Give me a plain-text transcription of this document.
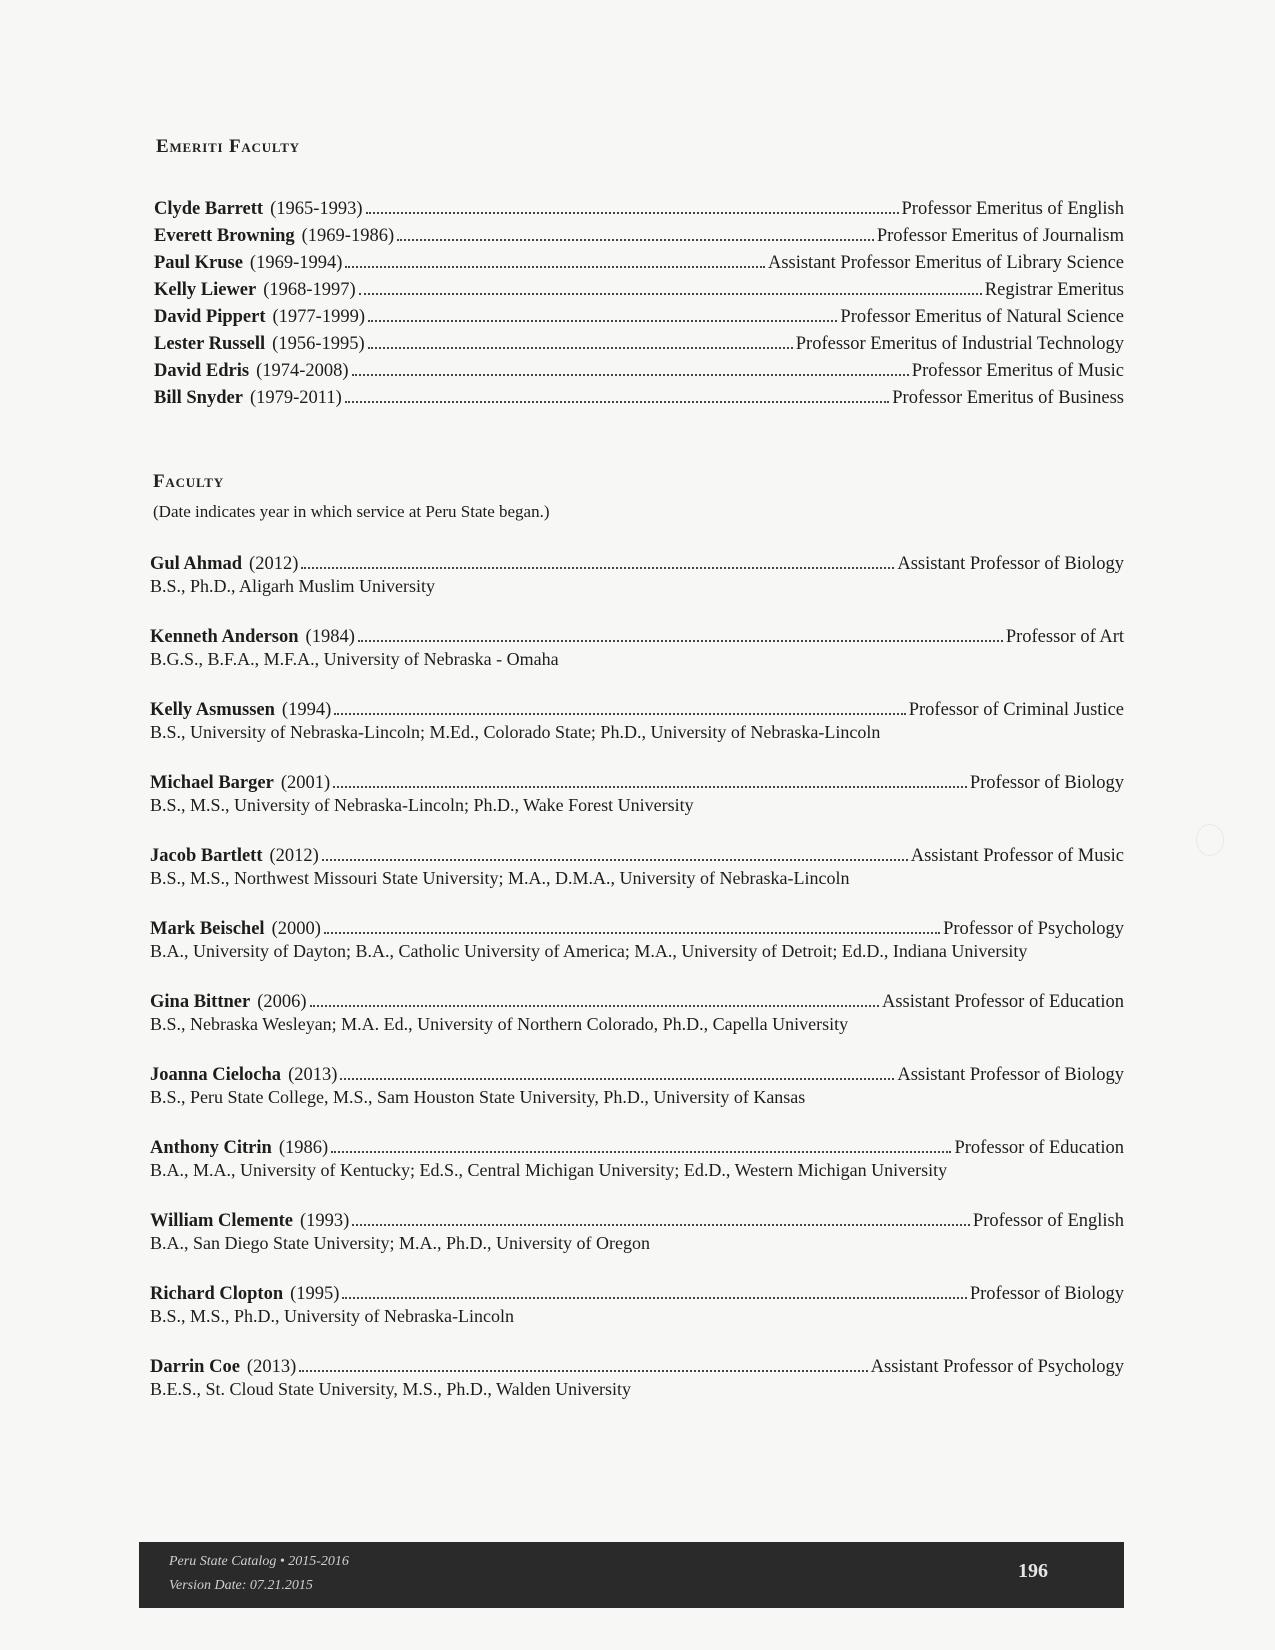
Emeriti Faculty
Clyde Barrett (1965-1993)	Professor Emeritus of English
Everett Browning (1969-1986)	Professor Emeritus of Journalism
Paul Kruse (1969-1994)	Assistant Professor Emeritus of Library Science
Kelly Liewer (1968-1997)	Registrar Emeritus
David Pippert (1977-1999)	Professor Emeritus of Natural Science
Lester Russell (1956-1995)	Professor Emeritus of Industrial Technology
David Edris (1974-2008)	Professor Emeritus of Music
Bill Snyder (1979-2011)	Professor Emeritus of Business
Faculty
(Date indicates year in which service at Peru State began.)
Gul Ahmad (2012)	Assistant Professor of Biology
B.S., Ph.D., Aligarh Muslim University
Kenneth Anderson (1984)	Professor of Art
B.G.S., B.F.A., M.F.A., University of Nebraska - Omaha
Kelly Asmussen (1994)	Professor of Criminal Justice
B.S., University of Nebraska-Lincoln; M.Ed., Colorado State; Ph.D., University of Nebraska-Lincoln
Michael Barger (2001)	Professor of Biology
B.S., M.S., University of Nebraska-Lincoln; Ph.D., Wake Forest University
Jacob Bartlett (2012)	Assistant Professor of Music
B.S., M.S., Northwest Missouri State University; M.A., D.M.A., University of Nebraska-Lincoln
Mark Beischel (2000)	Professor of Psychology
B.A., University of Dayton; B.A., Catholic University of America; M.A., University of Detroit; Ed.D., Indiana University
Gina Bittner (2006)	Assistant Professor of Education
B.S., Nebraska Wesleyan; M.A. Ed., University of Northern Colorado, Ph.D., Capella University
Joanna Cielocha (2013)	Assistant Professor of Biology
B.S., Peru State College, M.S., Sam Houston State University, Ph.D., University of Kansas
Anthony Citrin (1986)	Professor of Education
B.A., M.A., University of Kentucky; Ed.S., Central Michigan University; Ed.D., Western Michigan University
William Clemente (1993)	Professor of English
B.A., San Diego State University; M.A., Ph.D., University of Oregon
Richard Clopton (1995)	Professor of Biology
B.S., M.S., Ph.D., University of Nebraska-Lincoln
Darrin Coe (2013)	Assistant Professor of Psychology
B.E.S., St. Cloud State University, M.S., Ph.D., Walden University
Peru State Catalog • 2015-2016
Version Date: 07.21.2015
196
